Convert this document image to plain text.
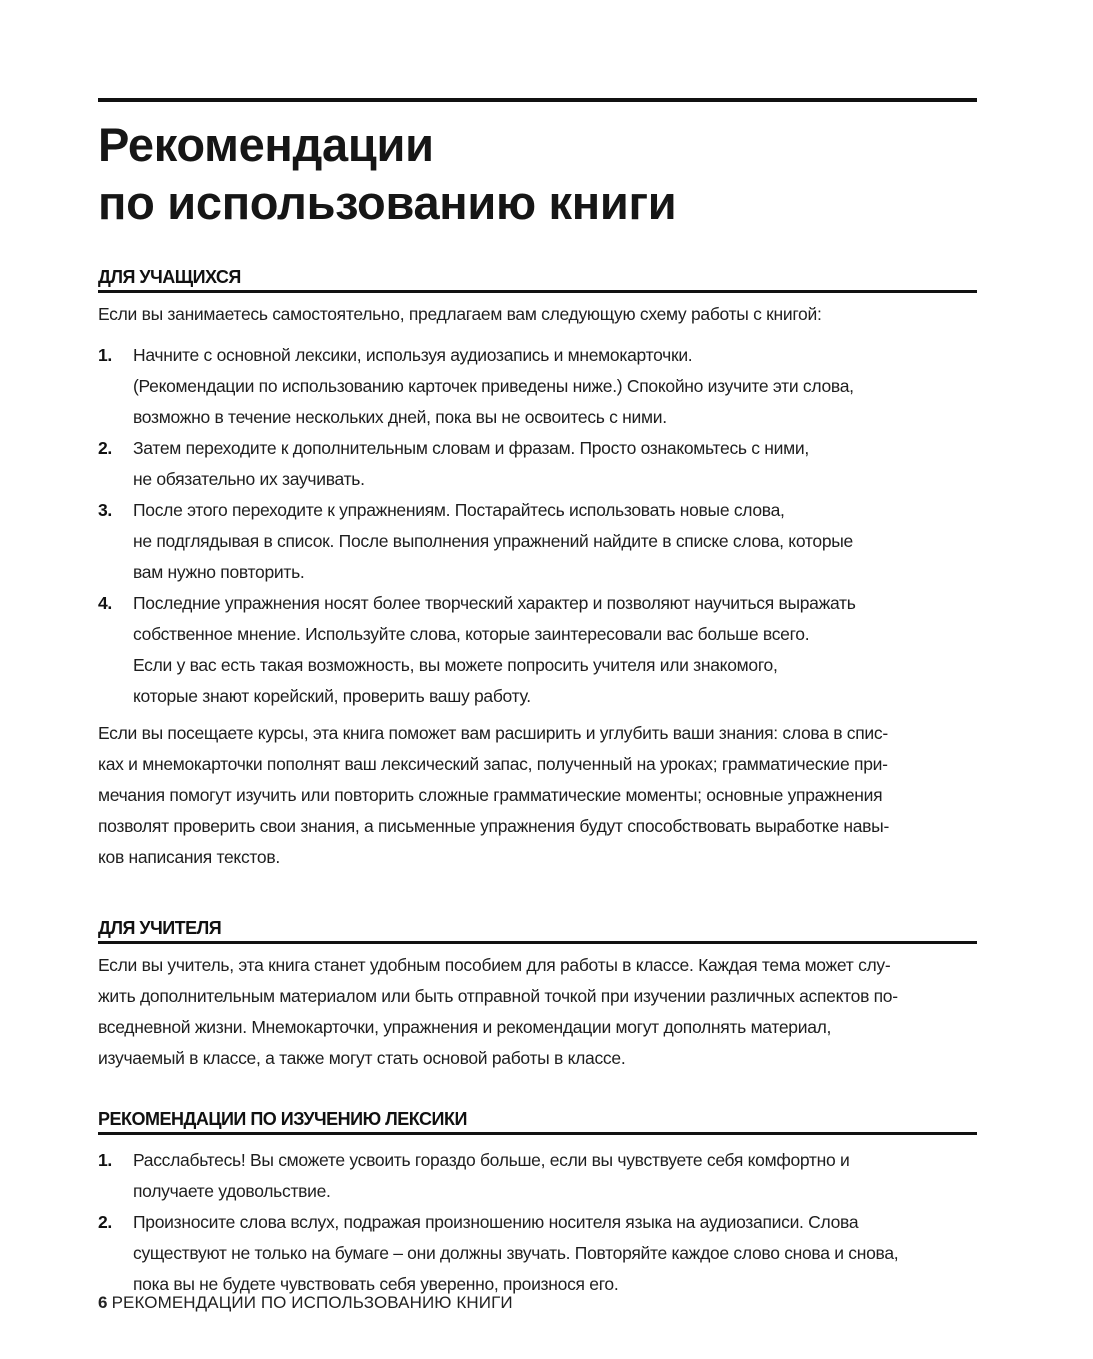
Рекомендации
по использованию книги
ДЛЯ УЧАЩИХСЯ

Если вы занимаетесь самостоятельно, предлагаем вам следующую схему работы с книгой:

1. Начните с основной лексики, используя аудиозапись и мнемокарточки.
(Рекомендации по использованию карточек приведены ниже.) Спокойно изучите эти слова,
возможно в течение нескольких дней, пока вы не освоитесь с ними.
2. Затем переходите к дополнительным словам и фразам. Просто ознакомьтесь с ними,
не обязательно их заучивать.
3. После этого переходите к упражнениям. Постарайтесь использовать новые слова,
не подглядывая в список. После выполнения упражнений найдите в списке слова, которые
вам нужно повторить.
4. Последние упражнения носят более творческий характер и позволяют научиться выражать
собственное мнение. Используйте слова, которые заинтересовали вас больше всего.
Если у вас есть такая возможность, вы можете попросить учителя или знакомого,
которые знают корейский, проверить вашу работу.

Если вы посещаете курсы, эта книга поможет вам расширить и углубить ваши знания: слова в спис-
ках и мнемокарточки пополнят ваш лексический запас, полученный на уроках; грамматические при-
мечания помогут изучить или повторить сложные грамматические моменты; основные упражнения
позволят проверить свои знания, а письменные упражнения будут способствовать выработке навы-
ков написания текстов.

ДЛЯ УЧИТЕЛЯ

Если вы учитель, эта книга станет удобным пособием для работы в классе. Каждая тема может слу-
жить дополнительным материалом или быть отправной точкой при изучении различных аспектов по-
вседневной жизни. Мнемокарточки, упражнения и рекомендации могут дополнять материал,
изучаемый в классе, а также могут стать основой работы в классе.

РЕКОМЕНДАЦИИ ПО ИЗУЧЕНИЮ ЛЕКСИКИ
1. Расслабьтесь! Вы сможете усвоить гораздо больше, если вы чувствуете себя комфортно и
получаете удовольствие.
2. Произносите слова вслух, подражая произношению носителя языка на аудиозаписи. Слова
существуют не только на бумаге – они должны звучать. Повторяйте каждое слово снова и снова,
пока вы не будете чувствовать себя уверенно, произнося его.
6 РЕКОМЕНДАЦИИ ПО ИСПОЛЬЗОВАНИЮ КНИГИ
